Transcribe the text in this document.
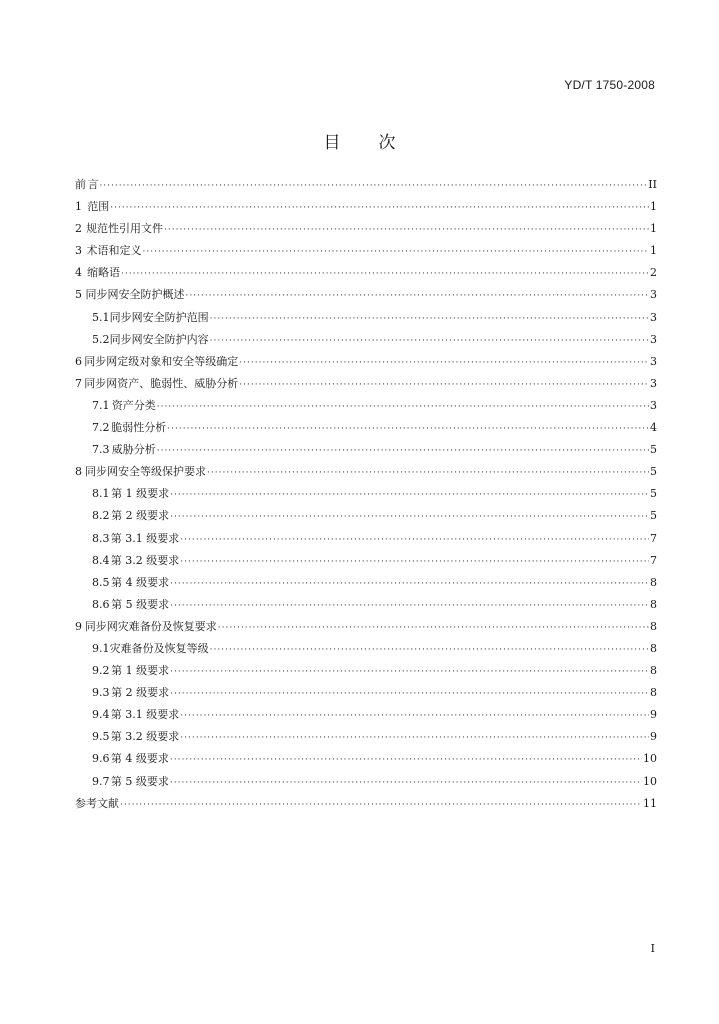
YD/T 1750-2008
目次
前 言 ·····	II
1 范围 ·····	1
2 规范性引用文件 ·····	1
3 术语和定义 ·····	1
4 缩略语 ·····	2
5 同步网安全防护概述 ·····	3
5.1 同步网安全防护范围 ·····	3
5.2 同步网安全防护内容 ·····	3
6 同步网定级对象和安全等级确定 ·····	3
7 同步网资产、脆弱性、威胁分析 ·····	3
7.1 资产分类 ·····	3
7.2 脆弱性分析 ·····	4
7.3 威胁分析 ·····	5
8 同步网安全等级保护要求 ·····	5
8.1 第 1 级要求 ·····	5
8.2 第 2 级要求 ·····	5
8.3 第 3.1 级要求 ·····	7
8.4 第 3.2 级要求 ·····	7
8.5 第 4 级要求 ·····	8
8.6 第 5 级要求 ·····	8
9 同步网灾难备份及恢复要求 ·····	8
9.1 灾难备份及恢复等级 ·····	8
9.2 第 1 级要求 ·····	8
9.3 第 2 级要求 ·····	8
9.4 第 3.1 级要求 ·····	9
9.5 第 3.2 级要求 ·····	9
9.6 第 4 级要求 ·····	10
9.7 第 5 级要求 ·····	10
参考文献 ·····	11
I
